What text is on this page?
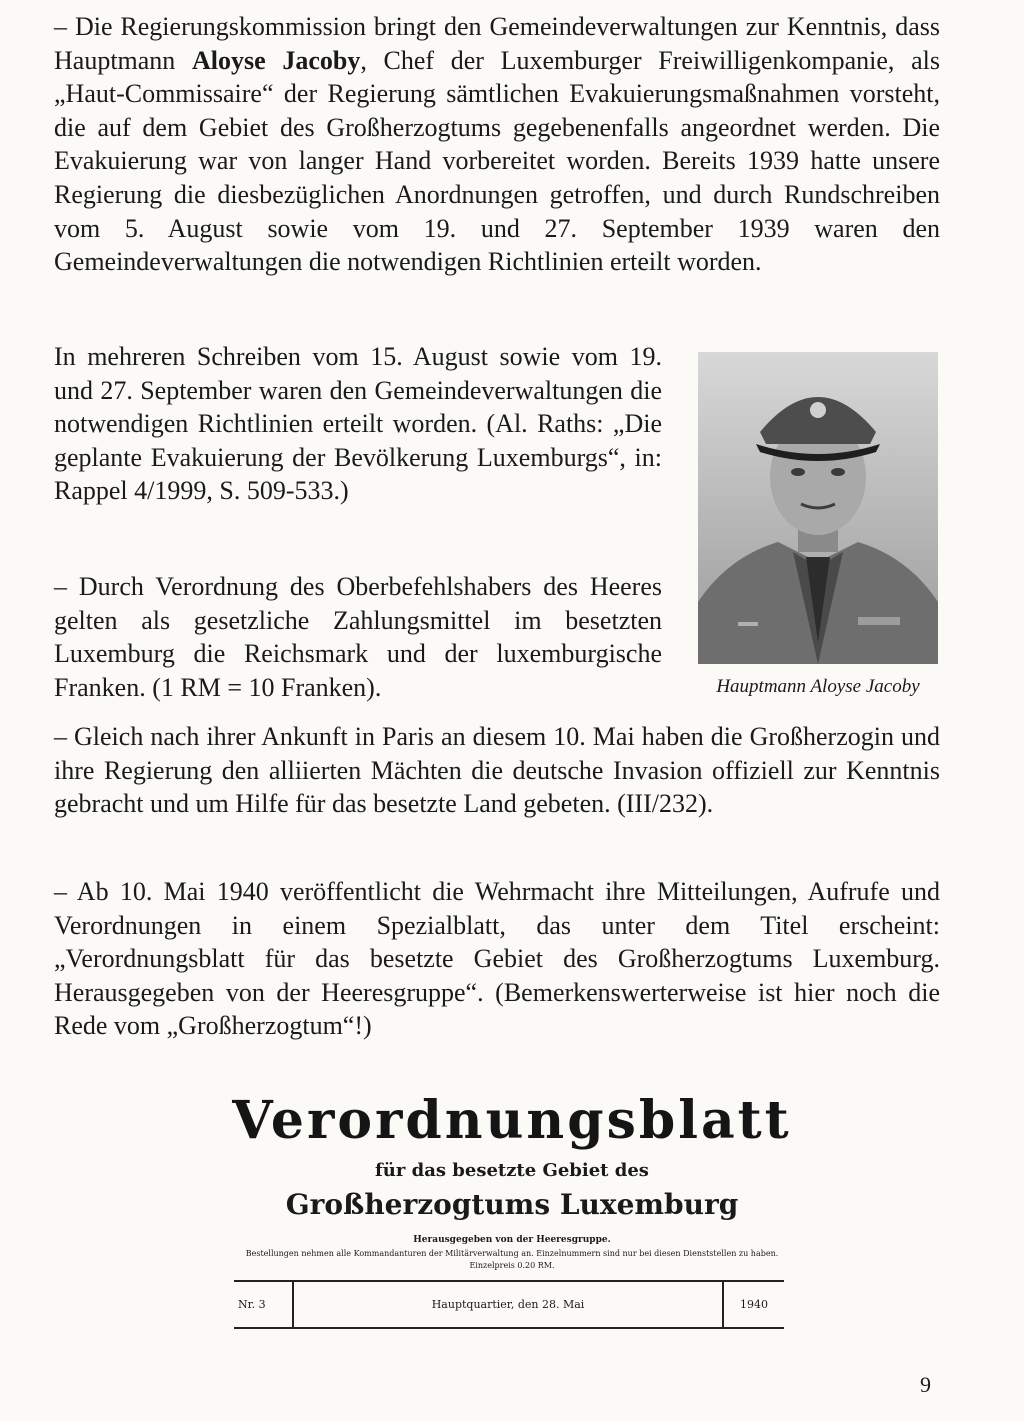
– Die Regierungskommission bringt den Gemeindeverwaltungen zur Kenntnis, dass Hauptmann Aloyse Jacoby, Chef der Luxemburger Freiwilligenkompanie, als „Haut-Commissaire“ der Regierung sämtlichen Evakuierungsmaßnahmen vorsteht, die auf dem Gebiet des Großherzogtums gegebenenfalls angeordnet werden. Die Evakuierung war von langer Hand vorbereitet worden. Bereits 1939 hatte unsere Regierung die diesbezüglichen Anordnungen getroffen, und durch Rundschreiben vom 5. August sowie vom 19. und 27. September 1939 waren den Gemeindeverwaltungen die notwendigen Richtlinien erteilt worden.

In mehreren Schreiben vom 15. August sowie vom 19. und 27. September waren den Gemeindeverwaltungen die notwendigen Richtlinien erteilt worden. (Al. Raths: „Die geplante Evakuierung der Bevölkerung Luxemburgs“, in: Rappel 4/1999, S. 509-533.)

Hauptmann Aloyse Jacoby

– Durch Verordnung des Oberbefehlshabers des Heeres gelten als gesetzliche Zahlungsmittel im besetzten Luxemburg die Reichsmark und der luxemburgische Franken. (1 RM = 10 Franken).

– Gleich nach ihrer Ankunft in Paris an diesem 10. Mai haben die Großherzogin und ihre Regierung den alliierten Mächten die deutsche Invasion offiziell zur Kenntnis gebracht und um Hilfe für das besetzte Land gebeten. (III/232).

– Ab 10. Mai 1940 veröffentlicht die Wehrmacht ihre Mitteilungen, Aufrufe und Verordnungen in einem Spezialblatt, das unter dem Titel erscheint: „Verordnungsblatt für das besetzte Gebiet des Großherzogtums Luxemburg. Herausgegeben von der Heeresgruppe“. (Bemerkenswerterweise ist hier noch die Rede vom „Großherzogtum“!)

Verordnungsblatt

für das besetzte Gebiet des

Großherzogtums Luxemburg

Herausgegeben von der Heeresgruppe.

Bestellungen nehmen alle Kommandanturen der Militärverwaltung an. Einzelnummern sind nur bei diesen Dienststellen zu haben.

Einzelpreis 0.20 RM.

Nr. 3	Hauptquartier, den 28. Mai	1940

9
